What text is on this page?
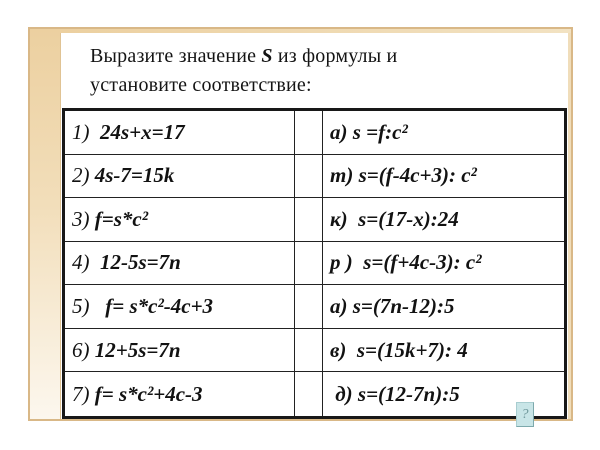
Выразите значение S из формулы и
установите соответствие:
1) 24s+x=17	а) s =f:c²
2) 4s-7=15k	т) s=(f-4c+3): c²
3) f=s*c²	к)  s=(17-x):24
4) 12-5s=7n	р )  s=(f+4c-3): c²
5) f= s*c²-4c+3	а) s=(7n-12):5
6) 12+5s=7n	в)  s=(15k+7): 4
7) f= s*c²+4c-3	д) s=(12-7n):5
?
